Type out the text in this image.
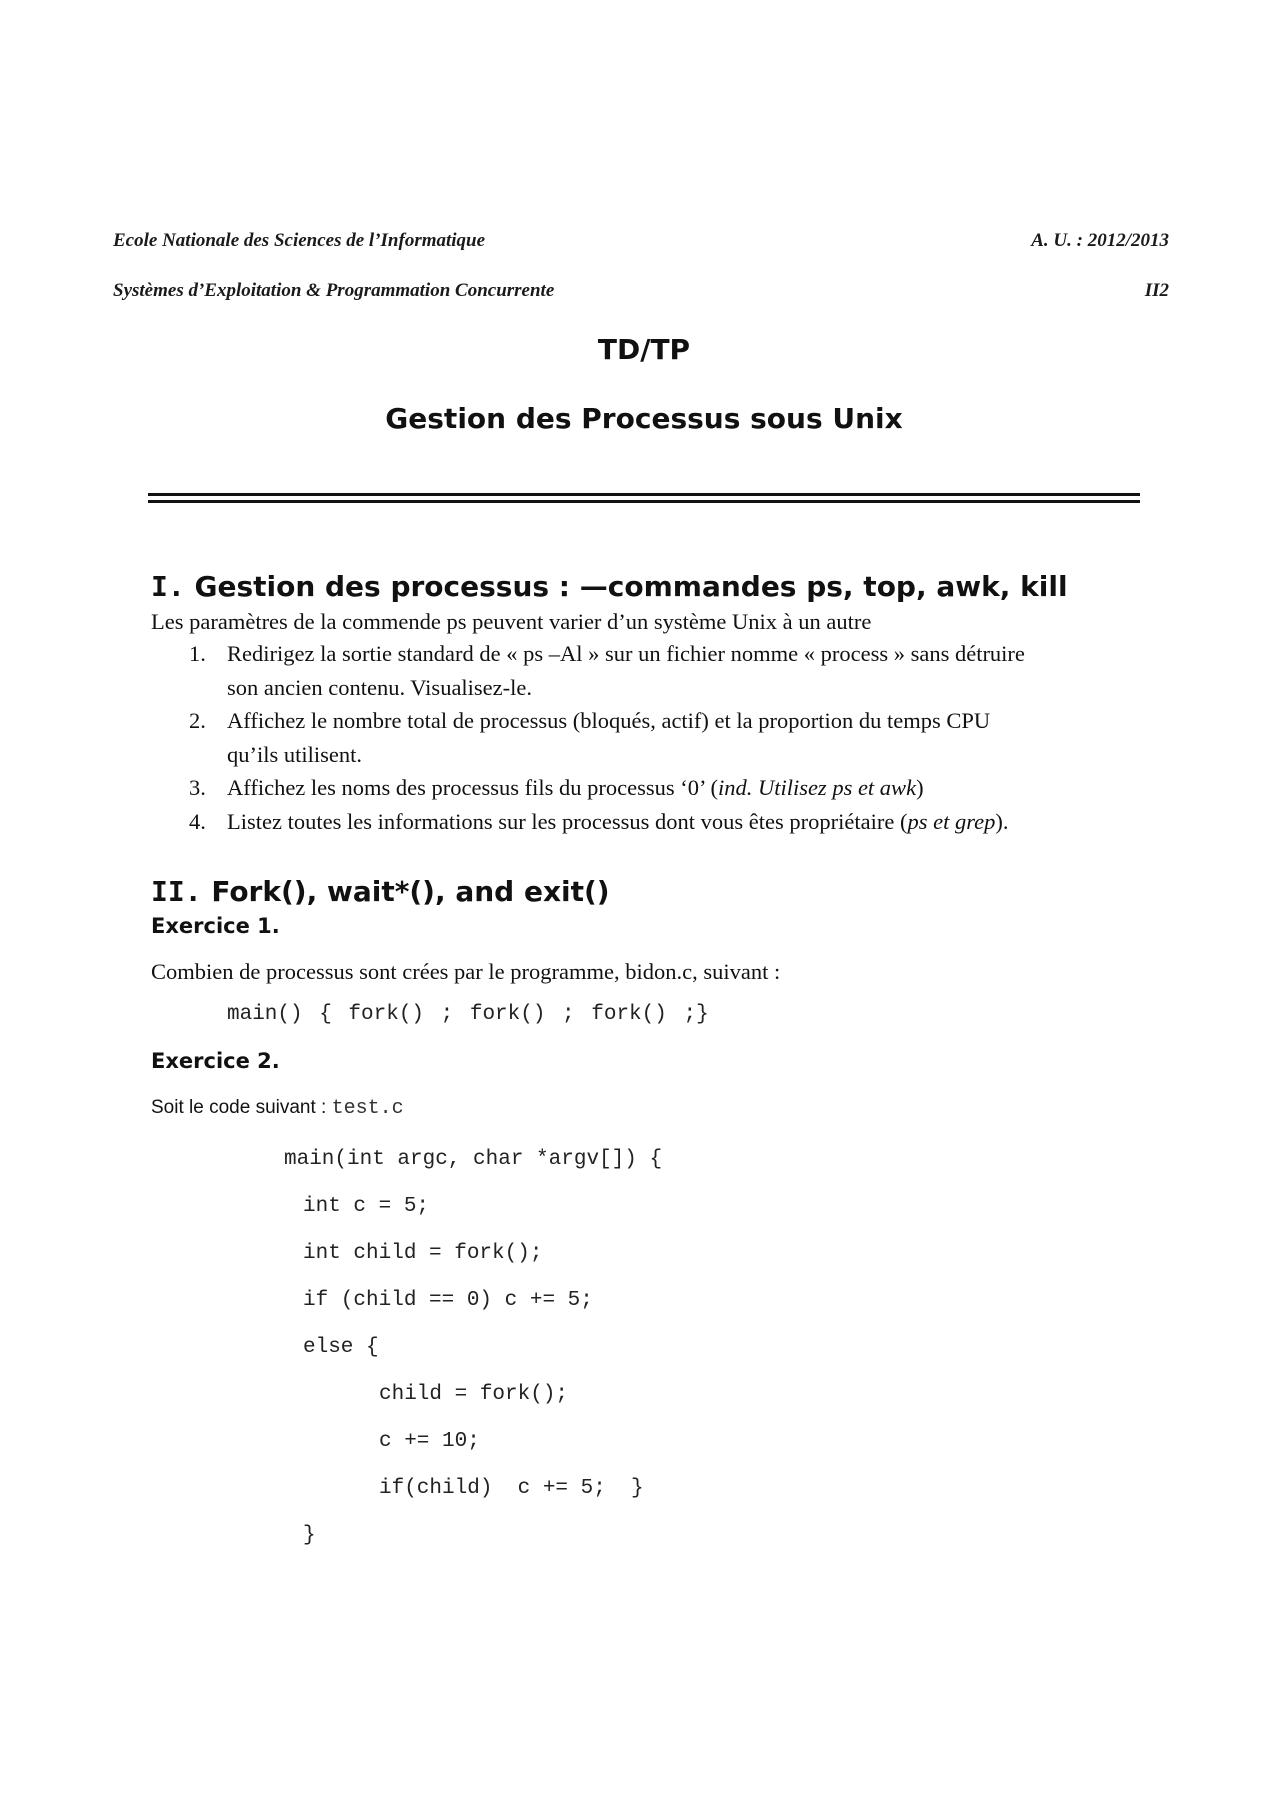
Ecole Nationale des Sciences de l’Informatique	A. U. : 2012/2013
Systèmes d’Exploitation & Programmation Concurrente	II2
TD/TP
Gestion des Processus sous Unix
I. Gestion des processus : —commandes ps, top, awk, kill
Les paramètres de la commende ps peuvent varier d’un système Unix à un autre
1. Redirigez la sortie standard de « ps –Al » sur un fichier nomme « process » sans détruire
son ancien contenu. Visualisez-le.
2. Affichez le nombre total de processus (bloqués, actif) et la proportion du temps CPU
qu’ils utilisent.
3. Affichez les noms des processus fils du processus ‘0’ (ind. Utilisez ps et awk)
4. Listez toutes les informations sur les processus dont vous êtes propriétaire (ps et grep).
II. Fork(), wait*(), and exit()
Exercice 1.
Combien de processus sont crées par le programme, bidon.c, suivant :
main() { fork() ; fork() ; fork() ;}
Exercice 2.
Soit le code suivant : test.c
main(int argc, char *argv[]) {
int c = 5;
int child = fork();
if (child == 0) c += 5;
else {
child = fork();
c += 10;
if(child)  c += 5;  }
}
